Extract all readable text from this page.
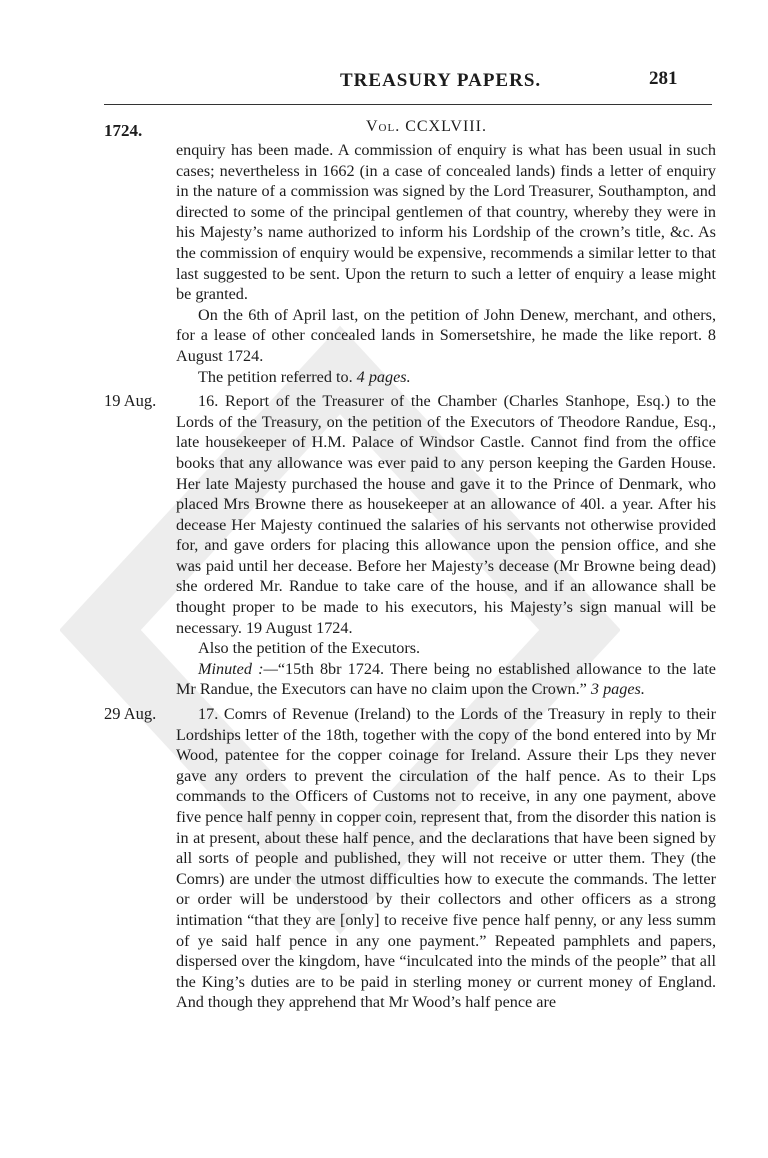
TREASURY PAPERS.	281
1724.	Vol. CCXLVIII.

enquiry has been made. A commission of enquiry is what has been usual in such cases; nevertheless in 1662 (in a case of concealed lands) finds a letter of enquiry in the nature of a commission was signed by the Lord Treasurer, Southampton, and directed to some of the principal gentlemen of that country, whereby they were in his Majesty’s name authorized to inform his Lordship of the crown’s title, &c. As the commission of enquiry would be expensive, recommends a similar letter to that last suggested to be sent. Upon the return to such a letter of enquiry a lease might be granted.

On the 6th of April last, on the petition of John Denew, merchant, and others, for a lease of other concealed lands in Somersetshire, he made the like report. 8 August 1724.

The petition referred to. 4 pages.

19 Aug.	16. Report of the Treasurer of the Chamber (Charles Stanhope, Esq.) to the Lords of the Treasury, on the petition of the Executors of Theodore Randue, Esq., late housekeeper of H.M. Palace of Windsor Castle. Cannot find from the office books that any allowance was ever paid to any person keeping the Garden House. Her late Majesty purchased the house and gave it to the Prince of Denmark, who placed Mrs Browne there as housekeeper at an allowance of 40l. a year. After his decease Her Majesty continued the salaries of his servants not otherwise provided for, and gave orders for placing this allowance upon the pension office, and she was paid until her decease. Before her Majesty’s decease (Mr Browne being dead) she ordered Mr. Randue to take care of the house, and if an allowance shall be thought proper to be made to his executors, his Majesty’s sign manual will be necessary. 19 August 1724.

Also the petition of the Executors.

Minuted :—“15th 8br 1724. There being no established allowance to the late Mr Randue, the Executors can have no claim upon the Crown.” 3 pages.

29 Aug.	17. Comrs of Revenue (Ireland) to the Lords of the Treasury in reply to their Lordships letter of the 18th, together with the copy of the bond entered into by Mr Wood, patentee for the copper coinage for Ireland. Assure their Lps they never gave any orders to prevent the circulation of the half pence. As to their Lps commands to the Officers of Customs not to receive, in any one payment, above five pence half penny in copper coin, represent that, from the disorder this nation is in at present, about these half pence, and the declarations that have been signed by all sorts of people and published, they will not receive or utter them. They (the Comrs) are under the utmost difficulties how to execute the commands. The letter or order will be understood by their collectors and other officers as a strong intimation “that they are [only] to receive five pence half penny, or any less summ of ye said half pence in any one payment.” Repeated pamphlets and papers, dispersed over the kingdom, have “inculcated into the minds of the people” that all the King’s duties are to be paid in sterling money or current money of England. And though they apprehend that Mr Wood’s half pence are
